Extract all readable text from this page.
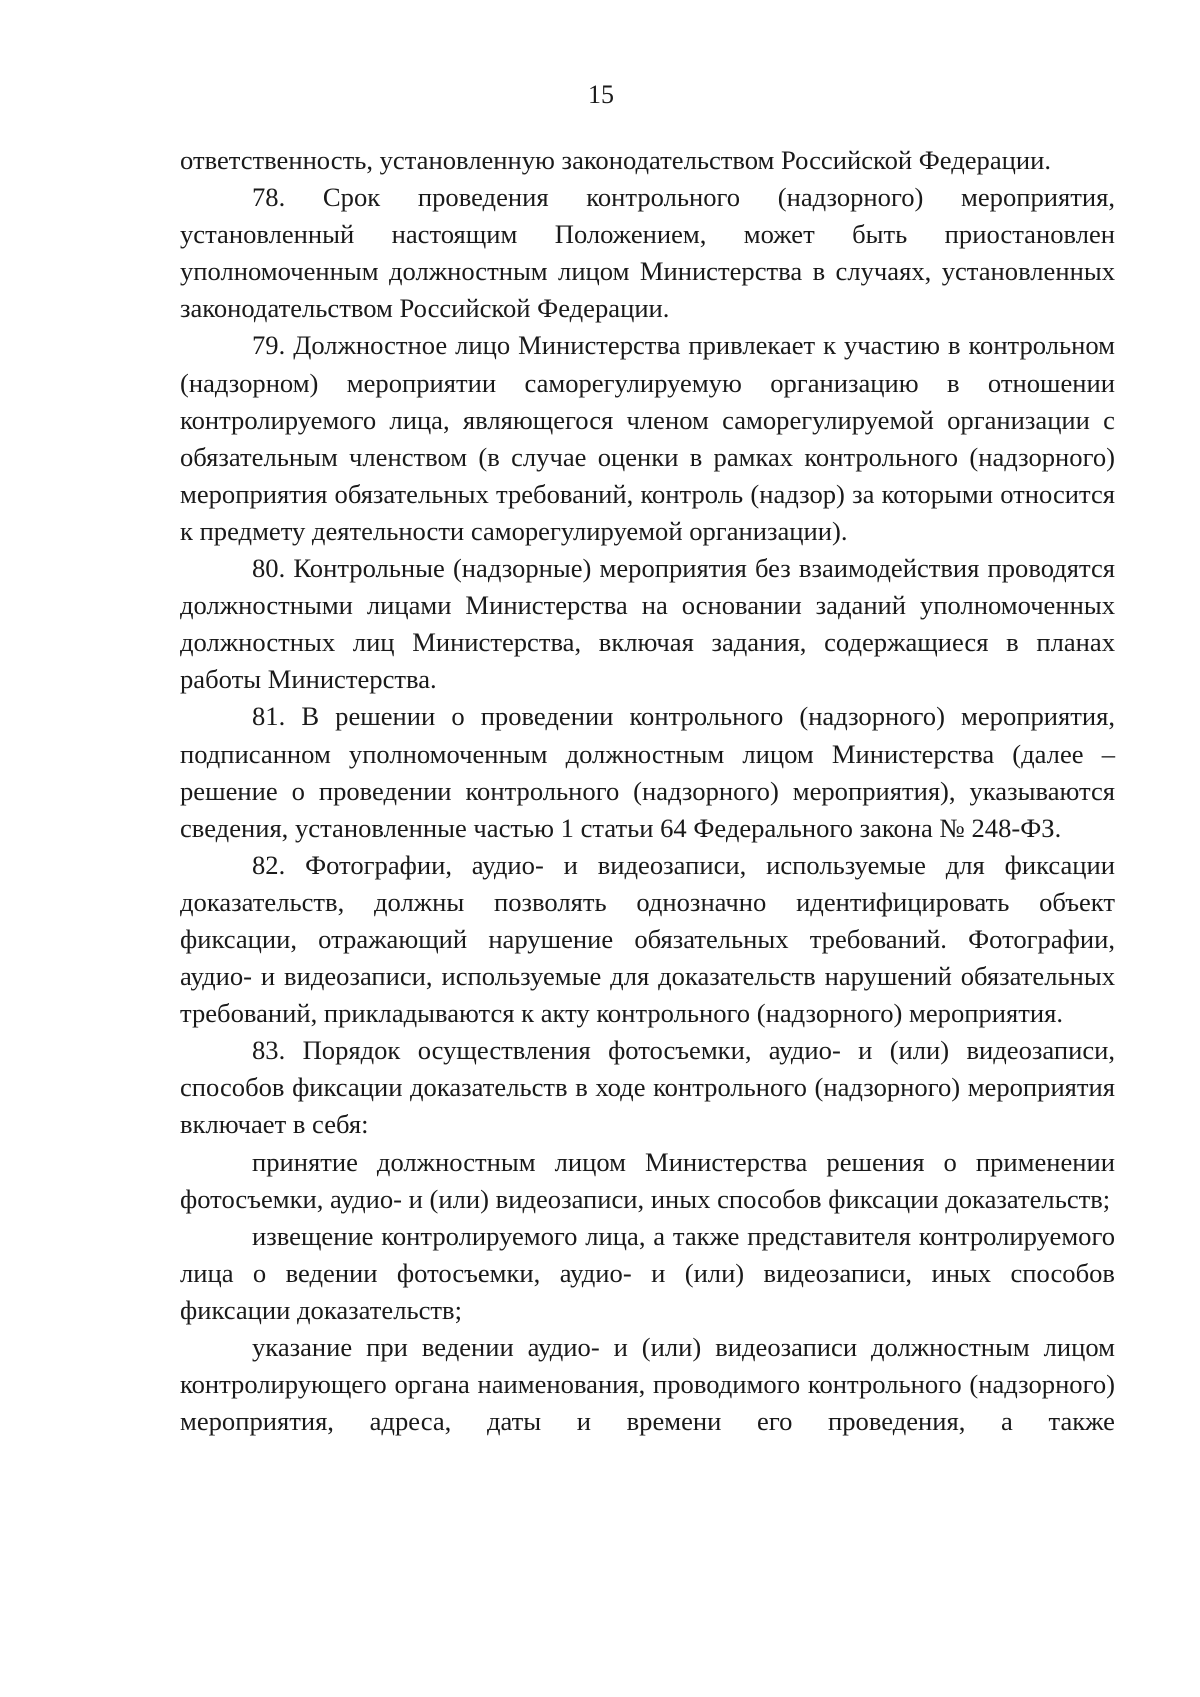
15

ответственность, установленную законодательством Российской Федерации.

78. Срок проведения контрольного (надзорного) мероприятия, установленный настоящим Положением, может быть приостановлен уполномоченным должностным лицом Министерства в случаях, установленных законодательством Российской Федерации.

79. Должностное лицо Министерства привлекает к участию в контрольном (надзорном) мероприятии саморегулируемую организацию в отношении контролируемого лица, являющегося членом саморегулируемой организации с обязательным членством (в случае оценки в рамках контрольного (надзорного) мероприятия обязательных требований, контроль (надзор) за которыми относится к предмету деятельности саморегулируемой организации).

80. Контрольные (надзорные) мероприятия без взаимодействия проводятся должностными лицами Министерства на основании заданий уполномоченных должностных лиц Министерства, включая задания, содержащиеся в планах работы Министерства.

81. В решении о проведении контрольного (надзорного) мероприятия, подписанном уполномоченным должностным лицом Министерства (далее – решение о проведении контрольного (надзорного) мероприятия), указываются сведения, установленные частью 1 статьи 64 Федерального закона № 248-ФЗ.

82. Фотографии, аудио- и видеозаписи, используемые для фиксации доказательств, должны позволять однозначно идентифицировать объект фиксации, отражающий нарушение обязательных требований. Фотографии, аудио- и видеозаписи, используемые для доказательств нарушений обязательных требований, прикладываются к акту контрольного (надзорного) мероприятия.

83. Порядок осуществления фотосъемки, аудио- и (или) видеозаписи, способов фиксации доказательств в ходе контрольного (надзорного) мероприятия включает в себя:

принятие должностным лицом Министерства решения о применении фотосъемки, аудио- и (или) видеозаписи, иных способов фиксации доказательств;

извещение контролируемого лица, а также представителя контролируемого лица о ведении фотосъемки, аудио- и (или) видеозаписи, иных способов фиксации доказательств;

указание при ведении аудио- и (или) видеозаписи должностным лицом контролирующего органа наименования, проводимого контрольного (надзорного) мероприятия, адреса, даты и времени его проведения, а также
